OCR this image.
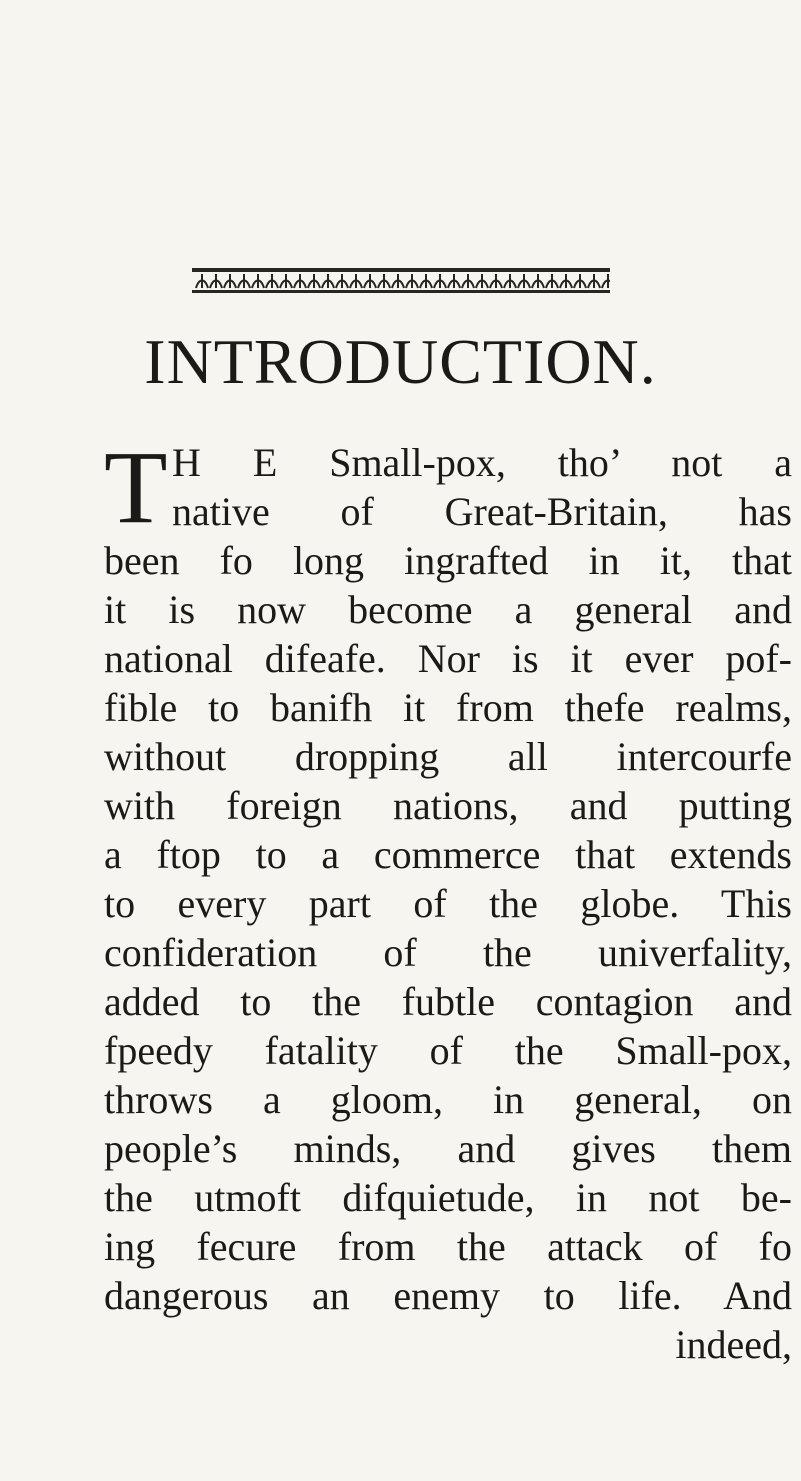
INTRODUCTION.
T H E Small-pox, tho’ not a
native of Great-Britain, has
been fo long ingrafted in it, that
it is now become a general and
national difeafe. Nor is it ever pof-
fible to banifh it from thefe realms,
without dropping all intercourfe
with foreign nations, and putting
a ftop to a commerce that extends
to every part of the globe. This
confideration of the univerfality,
added to the fubtle contagion and
fpeedy fatality of the Small-pox,
throws a gloom, in general, on
people’s minds, and gives them
the utmoft difquietude, in not be-
ing fecure from the attack of fo
dangerous an enemy to life. And
indeed,
